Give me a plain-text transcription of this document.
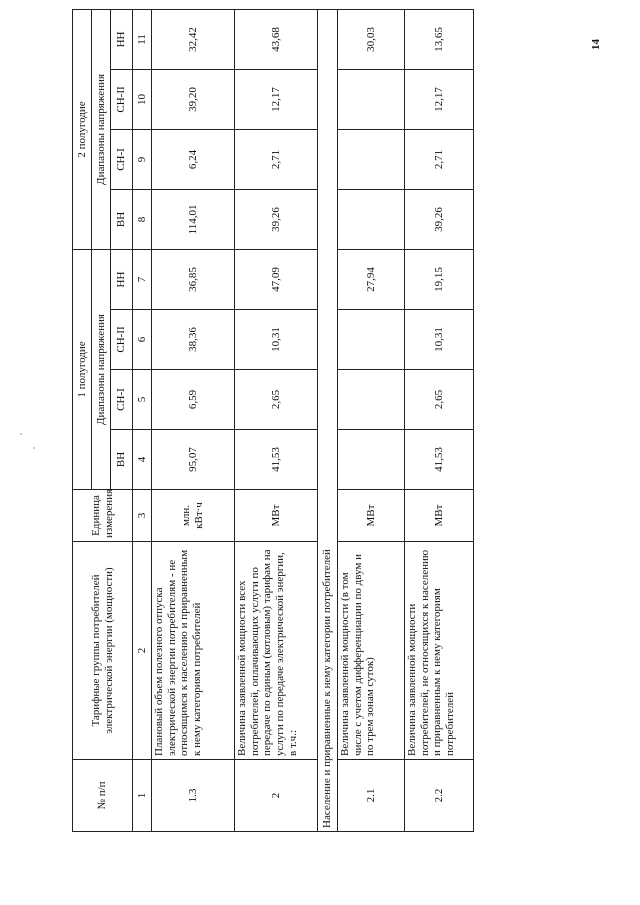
№ п/п	Тарифные группы потребителей электрической энергии (мощности)	Единица измерения	1 полугодие				2 полугодие			
			Диапазоны напряжения				Диапазоны напряжения			
			ВН	СН-I	СН-II	НН	ВН	СН-I	СН-II	НН
1	2	3	4	5	6	7	8	9	10	11
1.3	Плановый объем полезного отпуска электрической энергии потребителям - не относящимся к населению и приравненным к нему категориям потребителей	млн. кВт·ч	95,07	6,59	38,36	36,85	114,01	6,24	39,20	32,42
2	Величина заявленной мощности всех потребителей, оплачивающих услуги по передаче по единым (котловым) тарифам на услуги по передаче электрической энергии, в т.ч.:	МВт	41,53	2,65	10,31	47,09	39,26	2,71	12,17	43,68
Население и приравненные к нему категории потребителей										
2.1	Величина заявленной мощности (в том числе с учетом дифференциации по двум и по трем зонам суток)	МВт				27,94				30,03
2.2	Величина заявленной мощности потребителей, не относящихся к населению и приравненным к нему категориям потребителей	МВт	41,53	2,65	10,31	19,15	39,26	2,71	12,17	13,65	14
